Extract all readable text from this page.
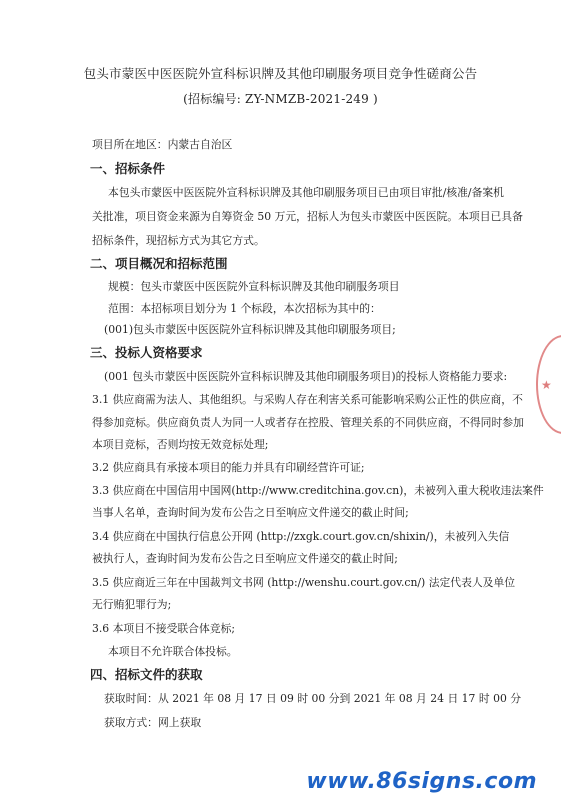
包头市蒙医中医医院外宣科标识牌及其他印刷服务项目竞争性磋商公告
(招标编号: ZY-NMZB-2021-249 )
项目所在地区：内蒙古自治区
一、招标条件
本包头市蒙医中医医院外宣科标识牌及其他印刷服务项目已由项目审批/核准/备案机
关批准，项目资金来源为自筹资金 50 万元，招标人为包头市蒙医中医医院。本项目已具备
招标条件，现招标方式为其它方式。
二、项目概况和招标范围
规模：包头市蒙医中医医院外宣科标识牌及其他印刷服务项目
范围：本招标项目划分为 1 个标段，本次招标为其中的：
(001)包头市蒙医中医医院外宣科标识牌及其他印刷服务项目;
三、投标人资格要求
(001 包头市蒙医中医医院外宣科标识牌及其他印刷服务项目)的投标人资格能力要求:
3.1 供应商需为法人、其他组织。与采购人存在利害关系可能影响采购公正性的供应商，不
得参加竞标。供应商负责人为同一人或者存在控股、管理关系的不同供应商，不得同时参加
本项目竞标，否则均按无效竞标处理;
3.2 供应商具有承接本项目的能力并具有印刷经营许可证;
3.3 供应商在中国信用中国网(http://www.creditchina.gov.cn)，未被列入重大税收违法案件
当事人名单，查询时间为发布公告之日至响应文件递交的截止时间;
3.4 供应商在中国执行信息公开网 (http://zxgk.court.gov.cn/shixin/)，未被列入失信
被执行人，查询时间为发布公告之日至响应文件递交的截止时间;
3.5 供应商近三年在中国裁判文书网 (http://wenshu.court.gov.cn/) 法定代表人及单位
无行贿犯罪行为;
3.6 本项目不接受联合体竞标;
本项目不允许联合体投标。
四、招标文件的获取
获取时间：从 2021 年 08 月 17 日 09 时 00 分到 2021 年 08 月 24 日 17 时 00 分
获取方式：网上获取
★
www.86signs.com
